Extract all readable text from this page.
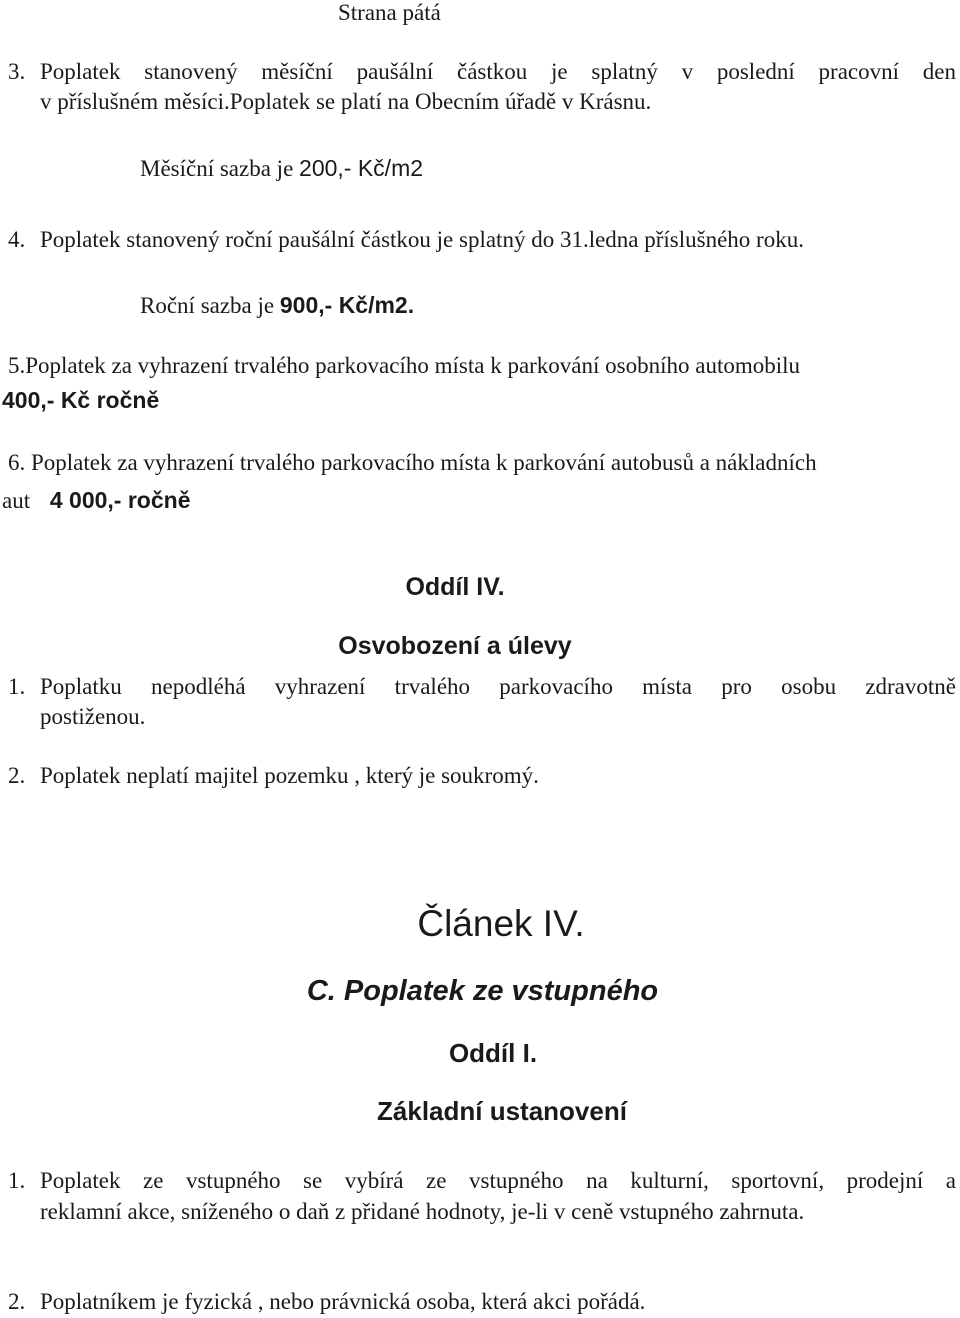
Strana pátá
3. Poplatek stanovený měsíční paušální částkou je splatný v poslední pracovní den
v příslušném měsíci.Poplatek se platí na Obecním úřadě v Krásnu.
Měsíční sazba je 200,- Kč/m2
4. Poplatek stanovený roční paušální částkou je splatný do 31.ledna příslušného roku.
Roční sazba je 900,- Kč/m2.
5.Poplatek za vyhrazení trvalého parkovacího místa k parkování osobního automobilu
400,- Kč ročně
6. Poplatek za vyhrazení trvalého parkovacího místa k parkování autobusů a nákladních
aut 4 000,- ročně
Oddíl IV.
Osvobození a úlevy
1. Poplatku nepodléhá vyhrazení trvalého parkovacího místa pro osobu zdravotně
postiženou.
2. Poplatek neplatí majitel pozemku , který je soukromý.
Článek IV.
C. Poplatek ze vstupného
Oddíl I.
Základní ustanovení
1. Poplatek ze vstupného se vybírá ze vstupného na kulturní, sportovní, prodejní a
reklamní akce, sníženého o daň z přidané hodnoty, je-li v ceně vstupného zahrnuta.
2. Poplatníkem je fyzická , nebo právnická osoba, která akci pořádá.
